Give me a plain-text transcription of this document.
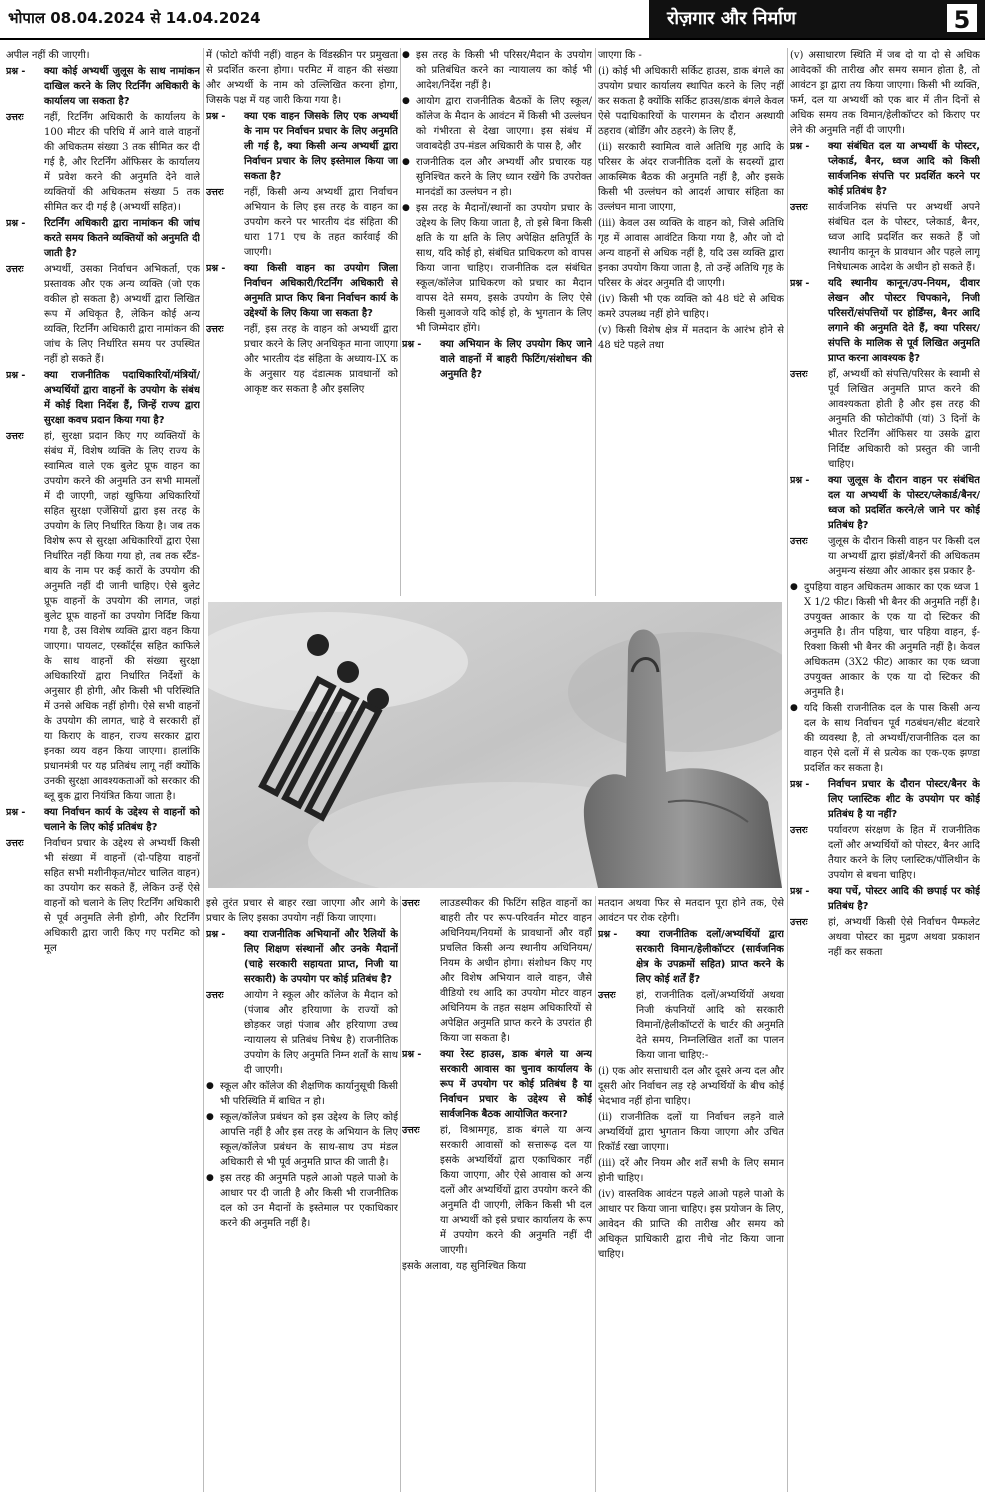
भोपाल 08.04.2024 से 14.04.2024	रोज़गार और निर्माण	5

अपील नहीं की जाएगी।

प्रश्न -	क्या कोई अभ्यर्थी जुलूस के साथ नामांकन दाखिल करने के लिए रिटर्निंग अधिकारी के कार्यालय जा सकता है?
उत्तरः	नहीं, रिटर्निंग अधिकारी के कार्यालय के 100 मीटर की परिधि में आने वाले वाहनों की अधिकतम संख्या 3 तक सीमित कर दी गई है, और रिटर्निंग ऑफिसर के कार्यालय में प्रवेश करने की अनुमति देने वाले व्यक्तियों की अधिकतम संख्या 5 तक सीमित कर दी गई है (अभ्यर्थी सहित)।
प्रश्न -	रिटर्निंग अधिकारी द्वारा नामांकन की जांच करते समय कितने व्यक्तियों को अनुमति दी जाती है?
उत्तरः	अभ्यर्थी, उसका निर्वाचन अभिकर्ता, एक प्रस्तावक और एक अन्य व्यक्ति (जो एक वकील हो सकता है) अभ्यर्थी द्वारा लिखित रूप में अधिकृत है, लेकिन कोई अन्य व्यक्ति, रिटर्निंग अधिकारी द्वारा नामांकन की जांच के लिए निर्धारित समय पर उपस्थित नहीं हो सकते हैं।
प्रश्न -	क्या राजनीतिक पदाधिकारियों/मंत्रियों/अभ्यर्थियों द्वारा वाहनों के उपयोग के संबंध में कोई दिशा निर्देश हैं, जिन्हें राज्य द्वारा सुरक्षा कवच प्रदान किया गया है?
उत्तरः	हां, सुरक्षा प्रदान किए गए व्यक्तियों के संबंध में, विशेष व्यक्ति के लिए राज्य के स्वामित्व वाले एक बुलेट प्रूफ वाहन का उपयोग करने की अनुमति उन सभी मामलों में दी जाएगी, जहां खुफिया अधिकारियों सहित सुरक्षा एजेंसियों द्वारा इस तरह के उपयोग के लिए निर्धारित किया है। जब तक विशेष रूप से सुरक्षा अधिकारियों द्वारा ऐसा निर्धारित नहीं किया गया हो, तब तक स्टैंड-बाय के नाम पर कई कारों के उपयोग की अनुमति नहीं दी जानी चाहिए। ऐसे बुलेट प्रूफ वाहनों के उपयोग की लागत, जहां बुलेट प्रूफ वाहनों का उपयोग निर्दिष्ट किया गया है, उस विशेष व्यक्ति द्वारा वहन किया जाएगा। पायलट, एस्कॉर्ट्स सहित काफिले के साथ वाहनों की संख्या सुरक्षा अधिकारियों द्वारा निर्धारित निर्देशों के अनुसार ही होगी, और किसी भी परिस्थिति में उनसे अधिक नहीं होगी। ऐसे सभी वाहनों के उपयोग की लागत, चाहे वे सरकारी हों या किराए के वाहन, राज्य सरकार द्वारा इनका व्यय वहन किया जाएगा। हालांकि प्रधानमंत्री पर यह प्रतिबंध लागू नहीं क्योंकि उनकी सुरक्षा आवश्यकताओं को सरकार की ब्लू बुक द्वारा नियंत्रित किया जाता है।
प्रश्न -	क्या निर्वाचन कार्य के उद्देश्य से वाहनों को चलाने के लिए कोई प्रतिबंध है?
उत्तरः	निर्वाचन प्रचार के उद्देश्य से अभ्यर्थी किसी भी संख्या में वाहनों (दो-पहिया वाहनों सहित सभी मशीनीकृत/मोटर चालित वाहन) का उपयोग कर सकते हैं, लेकिन उन्हें ऐसे वाहनों को चलाने के लिए रिटर्निंग अधिकारी से पूर्व अनुमति लेनी होगी, और रिटर्निंग अधिकारी द्वारा जारी किए गए परमिट को मूल

में (फोटो कॉपी नहीं) वाहन के विंडस्क्रीन पर प्रमुखता से प्रदर्शित करना होगा। परमिट में वाहन की संख्या और अभ्यर्थी के नाम को उल्लिखित करना होगा, जिसके पक्ष में यह जारी किया गया है।

प्रश्न -	क्या एक वाहन जिसके लिए एक अभ्यर्थी के नाम पर निर्वाचन प्रचार के लिए अनुमति ली गई है, क्या किसी अन्य अभ्यर्थी द्वारा निर्वाचन प्रचार के लिए इस्तेमाल किया जा सकता है?
उत्तरः	नहीं, किसी अन्य अभ्यर्थी द्वारा निर्वाचन अभियान के लिए इस तरह के वाहन का उपयोग करने पर भारतीय दंड संहिता की धारा 171 एच के तहत कार्रवाई की जाएगी।
प्रश्न -	क्या किसी वाहन का उपयोग जिला निर्वाचन अधिकारी/रिटर्निंग अधिकारी से अनुमति प्राप्त किए बिना निर्वाचन कार्य के उद्देश्यों के लिए किया जा सकता है?
उत्तरः	नहीं, इस तरह के वाहन को अभ्यर्थी द्वारा प्रचार करने के लिए अनधिकृत माना जाएगा और भारतीय दंड संहिता के अध्याय-IX क के अनुसार यह दंडात्मक प्रावधानों को आकृष्ट कर सकता है और इसलिए
● इस तरह के किसी भी परिसर/मैदान के उपयोग को प्रतिबंधित करने का न्यायालय का कोई भी आदेश/निर्देश नहीं है।
● आयोग द्वारा राजनीतिक बैठकों के लिए स्कूल/कॉलेज के मैदान के आवंटन में किसी भी उल्लंघन को गंभीरता से देखा जाएगा। इस संबंध में जवाबदेही उप-मंडल अधिकारी के पास है, और
● राजनीतिक दल और अभ्यर्थी और प्रचारक यह सुनिश्चित करने के लिए ध्यान रखेंगे कि उपरोक्त मानदंडों का उल्लंघन न हो।
● इस तरह के मैदानों/स्थानों का उपयोग प्रचार के उद्देश्य के लिए किया जाता है, तो इसे बिना किसी क्षति के या क्षति के लिए अपेक्षित क्षतिपूर्ति के साथ, यदि कोई हो, संबंधित प्राधिकरण को वापस किया जाना चाहिए। राजनीतिक दल संबंधित स्कूल/कॉलेज प्राधिकरण को प्रचार का मैदान वापस देते समय, इसके उपयोग के लिए ऐसे किसी मुआवजे यदि कोई हो, के भुगतान के लिए भी जिम्मेदार होंगे।
प्रश्न -	क्या अभियान के लिए उपयोग किए जाने वाले वाहनों में बाहरी फिटिंग/संशोधन की अनुमति है?

जाएगा कि -

(i) कोई भी अधिकारी सर्किट हाउस, डाक बंगले का उपयोग प्रचार कार्यालय स्थापित करने के लिए नहीं कर सकता है क्योंकि सर्किट हाउस/डाक बंगले केवल ऐसे पदाधिकारियों के पारगमन के दौरान अस्थायी ठहराव (बोर्डिंग और ठहरने) के लिए हैं,

(ii) सरकारी स्वामित्व वाले अतिथि गृह आदि के परिसर के अंदर राजनीतिक दलों के सदस्यों द्वारा आकस्मिक बैठक की अनुमति नहीं है, और इसके किसी भी उल्लंघन को आदर्श आचार संहिता का उल्लंघन माना जाएगा,

(iii) केवल उस व्यक्ति के वाहन को, जिसे अतिथि गृह में आवास आवंटित किया गया है, और जो दो अन्य वाहनों से अधिक नहीं है, यदि उस व्यक्ति द्वारा इनका उपयोग किया जाता है, तो उन्हें अतिथि गृह के परिसर के अंदर अनुमति दी जाएगी।

(iv) किसी भी एक व्यक्ति को 48 घंटे से अधिक कमरे उपलब्ध नहीं होने चाहिए।

(v) किसी विशेष क्षेत्र में मतदान के आरंभ होने से 48 घंटे पहले तथा

इसे तुरंत प्रचार से बाहर रखा जाएगा और आगे के प्रचार के लिए इसका उपयोग नहीं किया जाएगा।

प्रश्न -	क्या राजनीतिक अभियानों और रैलियों के लिए शिक्षण संस्थानों और उनके मैदानों (चाहे सरकारी सहायता प्राप्त, निजी या सरकारी) के उपयोग पर कोई प्रतिबंध है?
उत्तरः	आयोग ने स्कूल और कॉलेज के मैदान को (पंजाब और हरियाणा के राज्यों को छोड़कर जहां पंजाब और हरियाणा उच्च न्यायालय से प्रतिबंध निषेध है) राजनीतिक उपयोग के लिए अनुमति निम्न शर्तों के साथ दी जाएगी।
● स्कूल और कॉलेज की शैक्षणिक कार्यानुसूची किसी भी परिस्थिति में बाधित न हो।
● स्कूल/कॉलेज प्रबंधन को इस उद्देश्य के लिए कोई आपत्ति नहीं है और इस तरह के अभियान के लिए स्कूल/कॉलेज प्रबंधन के साथ-साथ उप मंडल अधिकारी से भी पूर्व अनुमति प्राप्त की जाती है।
● इस तरह की अनुमति पहले आओ पहले पाओ के आधार पर दी जाती है और किसी भी राजनीतिक दल को उन मैदानों के इस्तेमाल पर एकाधिकार करने की अनुमति नहीं है।
उत्तरः	लाउडस्पीकर की फिटिंग सहित वाहनों का बाहरी तौर पर रूप-परिवर्तन मोटर वाहन अधिनियम/नियमों के प्रावधानों और वहाँ प्रचलित किसी अन्य स्थानीय अधिनियम/नियम के अधीन होगा। संशोधन किए गए और विशेष अभियान वाले वाहन, जैसे वीडियो रथ आदि का उपयोग मोटर वाहन अधिनियम के तहत सक्षम अधिकारियों से अपेक्षित अनुमति प्राप्त करने के उपरांत ही किया जा सकता है।
प्रश्न -	क्या रेस्ट हाउस, डाक बंगले या अन्य सरकारी आवास का चुनाव कार्यालय के रूप में उपयोग पर कोई प्रतिबंध है या निर्वाचन प्रचार के उद्देश्य से कोई सार्वजनिक बैठक आयोजित करना?
उत्तरः	हां, विश्रामगृह, डाक बंगले या अन्य सरकारी आवासों को सत्तारूढ़ दल या इसके अभ्यर्थियों द्वारा एकाधिकार नहीं किया जाएगा, और ऐसे आवास को अन्य दलों और अभ्यर्थियों द्वारा उपयोग करने की अनुमति दी जाएगी, लेकिन किसी भी दल या अभ्यर्थी को इसे प्रचार कार्यालय के रूप में उपयोग करने की अनुमति नहीं दी जाएगी।

इसके अलावा, यह सुनिश्चित किया

मतदान अथवा फिर से मतदान पूरा होने तक, ऐसे आवंटन पर रोक रहेगी।

प्रश्न -	क्या राजनीतिक दलों/अभ्यर्थियों द्वारा सरकारी विमान/हेलीकॉप्टर (सार्वजनिक क्षेत्र के उपक्रमों सहित) प्राप्त करने के लिए कोई शर्तें हैं?
उत्तरः	हां, राजनीतिक दलों/अभ्यर्थियों अथवा निजी कंपनियों आदि को सरकारी विमानों/हेलीकॉप्टरों के चार्टर की अनुमति देते समय, निम्नलिखित शर्तों का पालन किया जाना चाहिए:-

(i) एक ओर सत्ताधारी दल और दूसरे अन्य दल और दूसरी ओर निर्वाचन लड़ रहे अभ्यर्थियों के बीच कोई भेदभाव नहीं होना चाहिए।

(ii) राजनीतिक दलों या निर्वाचन लड़ने वाले अभ्यर्थियों द्वारा भुगतान किया जाएगा और उचित रिकॉर्ड रखा जाएगा।

(iii) दरें और नियम और शर्तें सभी के लिए समान होनी चाहिए।

(iv) वास्तविक आवंटन पहले आओ पहले पाओ के आधार पर किया जाना चाहिए। इस प्रयोजन के लिए, आवेदन की प्राप्ति की तारीख और समय को अधिकृत प्राधिकारी द्वारा नीचे नोट किया जाना चाहिए।

(v) असाधारण स्थिति में जब दो या दो से अधिक आवेदकों की तारीख और समय समान होता है, तो आवंटन ड्रा द्वारा तय किया जाएगा। किसी भी व्यक्ति, फर्म, दल या अभ्यर्थी को एक बार में तीन दिनों से अधिक समय तक विमान/हेलीकॉप्टर को किराए पर लेने की अनुमति नहीं दी जाएगी।

प्रश्न -	क्या संबंधित दल या अभ्यर्थी के पोस्टर, प्लेकार्ड, बैनर, ध्वज आदि को किसी सार्वजनिक संपत्ति पर प्रदर्शित करने पर कोई प्रतिबंध है?
उत्तरः	सार्वजनिक संपत्ति पर अभ्यर्थी अपने संबंधित दल के पोस्टर, प्लेकार्ड, बैनर, ध्वज आदि प्रदर्शित कर सकते हैं जो स्थानीय कानून के प्रावधान और पहले लागू निषेधात्मक आदेश के अधीन हो सकते हैं।
प्रश्न -	यदि स्थानीय कानून/उप-नियम, दीवार लेखन और पोस्टर चिपकाने, निजी परिसरों/संपत्तियों पर होर्डिंग्स, बैनर आदि लगाने की अनुमति देते हैं, क्या परिसर/संपत्ति के मालिक से पूर्व लिखित अनुमति प्राप्त करना आवश्यक है?
उत्तरः	हाँ, अभ्यर्थी को संपत्ति/परिसर के स्वामी से पूर्व लिखित अनुमति प्राप्त करने की आवश्यकता होती है और इस तरह की अनुमति की फोटोकॉपी (यां) 3 दिनों के भीतर रिटर्निंग ऑफिसर या उसके द्वारा निर्दिष्ट अधिकारी को प्रस्तुत की जानी चाहिए।
प्रश्न -	क्या जुलूस के दौरान वाहन पर संबंधित दल या अभ्यर्थी के पोस्टर/प्लेकार्ड/बैनर/ध्वज को प्रदर्शित करने/ले जाने पर कोई प्रतिबंध है?
उत्तरः	जुलूस के दौरान किसी वाहन पर किसी दल या अभ्यर्थी द्वारा झंडों/बैनरों की अधिकतम अनुमन्य संख्या और आकार इस प्रकार है-
● दुपहिया वाहन अधिकतम आकार का एक ध्वज 1 X 1/2 फीट। किसी भी बैनर की अनुमति नहीं है। उपयुक्त आकार के एक या दो स्टिकर की अनुमति है। तीन पहिया, चार पहिया वाहन, ई-रिक्शा किसी भी बैनर की अनुमति नहीं है। केवल अधिकतम (3X2 फीट) आकार का एक ध्वजा उपयुक्त आकार के एक या दो स्टिकर की अनुमति है।
● यदि किसी राजनीतिक दल के पास किसी अन्य दल के साथ निर्वाचन पूर्व गठबंधन/सीट बंटवारे की व्यवस्था है, तो अभ्यर्थी/राजनीतिक दल का वाहन ऐसे दलों में से प्रत्येक का एक-एक झण्डा प्रदर्शित कर सकता है।
प्रश्न -	निर्वाचन प्रचार के दौरान पोस्टर/बैनर के लिए प्लास्टिक शीट के उपयोग पर कोई प्रतिबंध है या नहीं?
उत्तरः	पर्यावरण संरक्षण के हित में राजनीतिक दलों और अभ्यर्थियों को पोस्टर, बैनर आदि तैयार करने के लिए प्लास्टिक/पॉलिथीन के उपयोग से बचना चाहिए।
प्रश्न -	क्या पर्चे, पोस्टर आदि की छपाई पर कोई प्रतिबंध है?
उत्तरः	हां, अभ्यर्थी किसी ऐसे निर्वाचन पैम्फलेट अथवा पोस्टर का मुद्रण अथवा प्रकाशन नहीं कर सकता
